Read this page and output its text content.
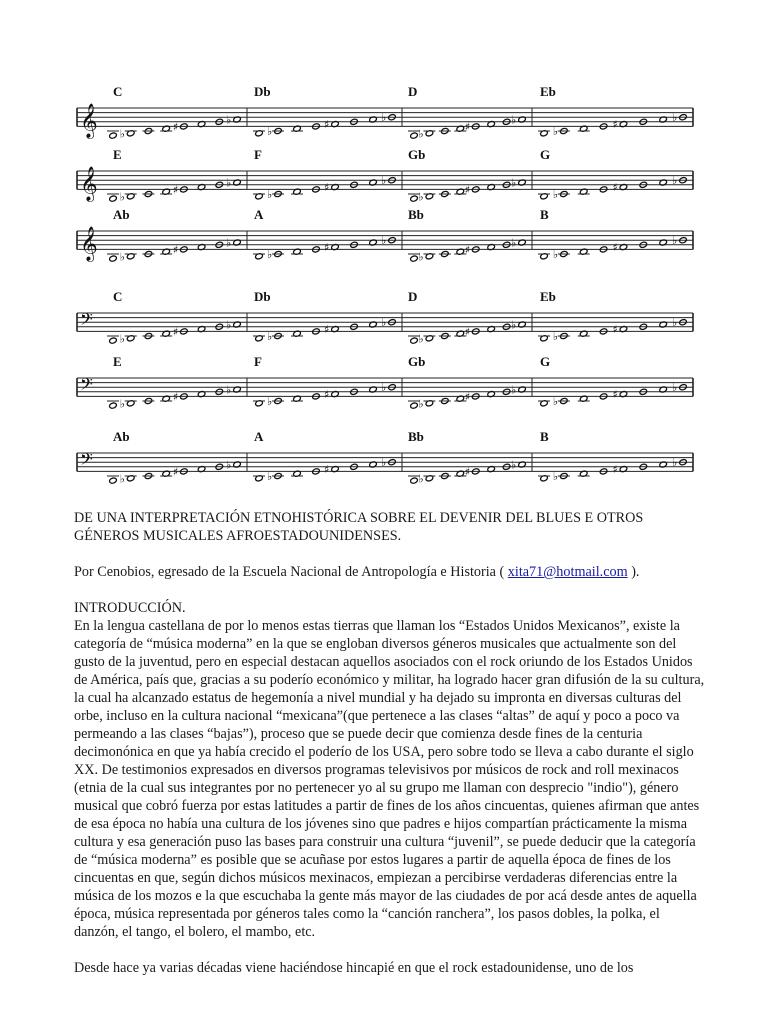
𝄞
C
♭
♯
♭
Db
♭
♯
♭
D
♭
♯
♭
Eb
♭
♯
♭
𝄞
E
♭
♯
♭
F
♭
♯
♭
Gb
♭
♯
♭
G
♭
♯
♭
𝄞
Ab
♭
♯
♭
A
♭
♯
♭
Bb
♭
♯
♭
B
♭
♯
♭
𝄢
C
♭
♯
♭
Db
♭
♯
♭
D
♭
♯
♭
Eb
♭
♯
♭
𝄢
E
♭
♯
♭
F
♭
♯
♭
Gb
♭
♯
♭
G
♭
♯
♭
𝄢
Ab
♭
♯
♭
A
♭
♯
♭
Bb
♭
♯
♭
B
♭
♯
♭

DE UNA INTERPRETACIÓN ETNOHISTÓRICA SOBRE EL DEVENIR DEL BLUES E OTROS GÉNEROS MUSICALES AFROESTADOUNIDENSES.

Por Cenobios, egresado de la Escuela Nacional de Antropología e Historia ( xita71@hotmail.com ).

INTRODUCCIÓN.

En la lengua castellana de por lo menos estas tierras que llaman los “Estados Unidos Mexicanos”, existe la categoría de “música moderna” en la que se engloban diversos géneros musicales que actualmente son del gusto de la juventud, pero en especial destacan aquellos asociados con el rock oriundo de los Estados Unidos de América, país que, gracias a su poderío económico y militar, ha logrado hacer gran difusión de la su cultura, la cual ha alcanzado estatus de hegemonía a nivel mundial y ha dejado su impronta en diversas culturas del orbe, incluso en la cultura nacional “mexicana”(que pertenece a las clases “altas” de aquí y poco a poco va permeando a las clases “bajas”), proceso que se puede decir que comienza desde fines de la centuria decimonónica en que ya había crecido el poderío de los USA, pero sobre todo se lleva a cabo durante el siglo XX. De testimonios expresados en diversos programas televisivos por músicos de rock and roll mexinacos (etnia de la cual sus integrantes por no pertenecer yo al su grupo me llaman con desprecio "indio"), género musical que cobró fuerza por estas latitudes a partir de fines de los años cincuentas, quienes afirman que antes de esa época no había una cultura de los jóvenes sino que padres e hijos compartían prácticamente la misma cultura y esa generación puso las bases para construir una cultura “juvenil”, se puede deducir que la categoría de “música moderna” es posible que se acuñase por estos lugares a partir de aquella época de fines de los cincuentas en que, según dichos músicos mexinacos, empiezan a percibirse verdaderas diferencias entre la música de los mozos e la que escuchaba la gente más mayor de las ciudades de por acá desde antes de aquella época, música representada por géneros tales como la “canción ranchera”, los pasos dobles, la polka, el danzón, el tango, el bolero, el mambo, etc.

Desde hace ya varias décadas viene haciéndose hincapié en que el rock estadounidense, uno de los
